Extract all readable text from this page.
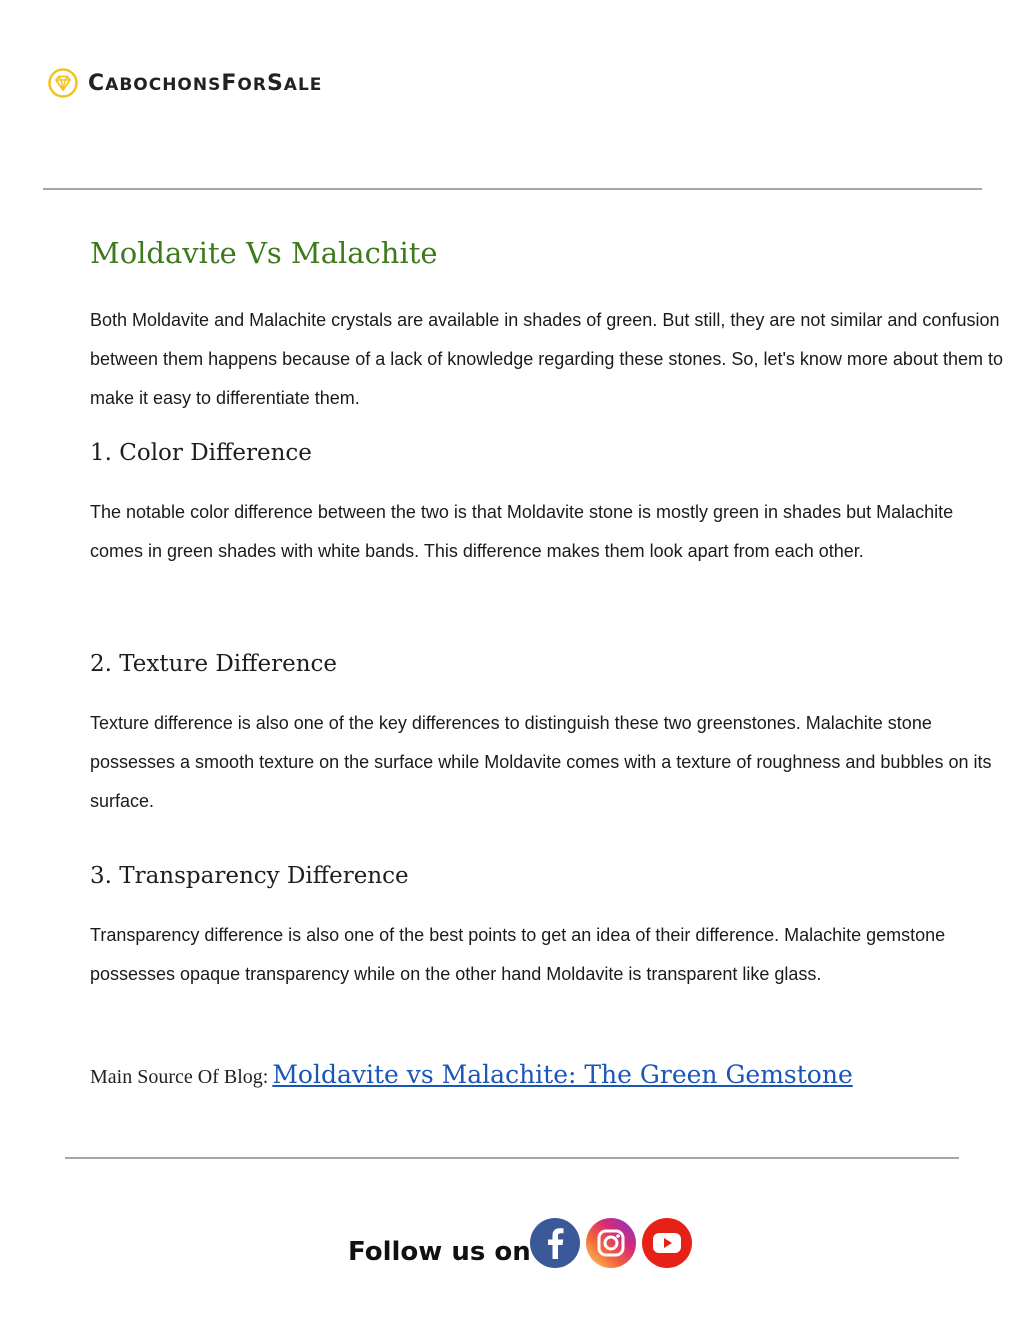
CABOCHONSFORSALE
Moldavite Vs Malachite

Both Moldavite and Malachite crystals are available in shades of green. But still, they are not similar and confusion between them happens because of a lack of knowledge regarding these stones. So, let's know more about them to make it easy to differentiate them.

1. Color Difference

The notable color difference between the two is that Moldavite stone is mostly green in shades but Malachite comes in green shades with white bands. This difference makes them look apart from each other.

2. Texture Difference

Texture difference is also one of the key differences to distinguish these two greenstones. Malachite stone possesses a smooth texture on the surface while Moldavite comes with a texture of roughness and bubbles on its surface.

3. Transparency Difference

Transparency difference is also one of the best points to get an idea of their difference. Malachite gemstone possesses opaque transparency while on the other hand Moldavite is transparent like glass.

Main Source Of Blog: Moldavite vs Malachite: The Green Gemstone
Follow us on
